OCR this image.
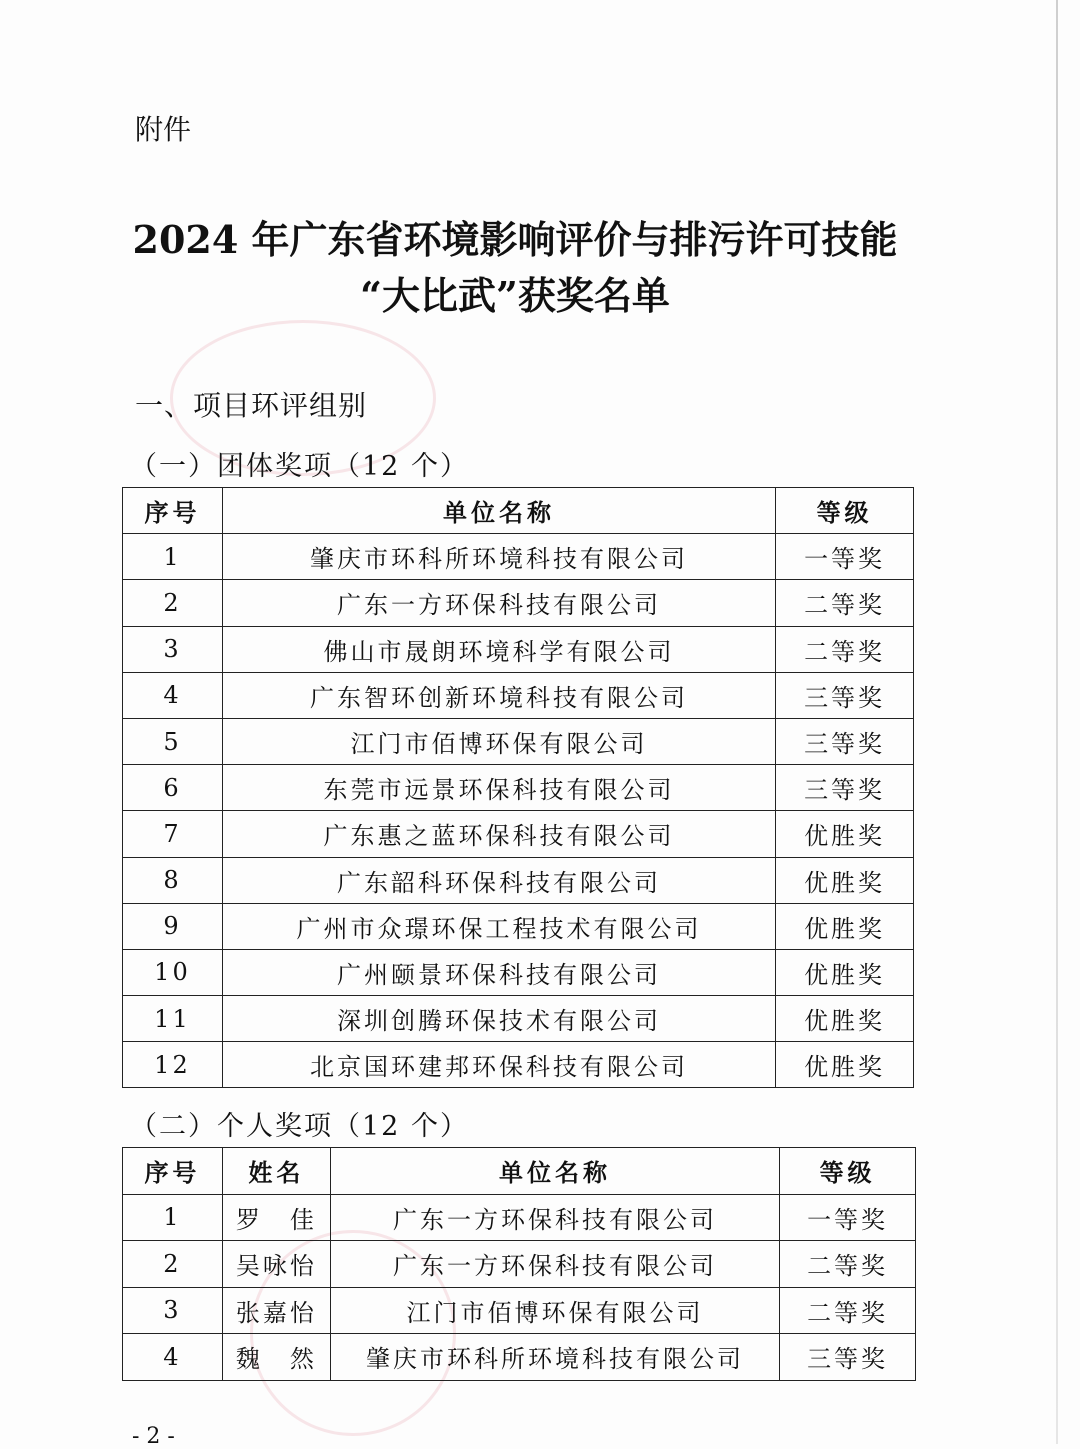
附件
2024 年广东省环境影响评价与排污许可技能
“大比武”获奖名单
一、项目环评组别
（一）团体奖项（12 个）
序号	单位名称	等级
1	肇庆市环科所环境科技有限公司	一等奖
2	广东一方环保科技有限公司	二等奖
3	佛山市晟朗环境科学有限公司	二等奖
4	广东智环创新环境科技有限公司	三等奖
5	江门市佰博环保有限公司	三等奖
6	东莞市远景环保科技有限公司	三等奖
7	广东惠之蓝环保科技有限公司	优胜奖
8	广东韶科环保科技有限公司	优胜奖
9	广州市众璟环保工程技术有限公司	优胜奖
10	广州颐景环保科技有限公司	优胜奖
11	深圳创腾环保技术有限公司	优胜奖
12	北京国环建邦环保科技有限公司	优胜奖
（二）个人奖项（12 个）
序号	姓名	单位名称	等级
1	罗　佳	广东一方环保科技有限公司	一等奖
2	吴咏怡	广东一方环保科技有限公司	二等奖
3	张嘉怡	江门市佰博环保有限公司	二等奖
4	魏　然	肇庆市环科所环境科技有限公司	三等奖
- 2 -
